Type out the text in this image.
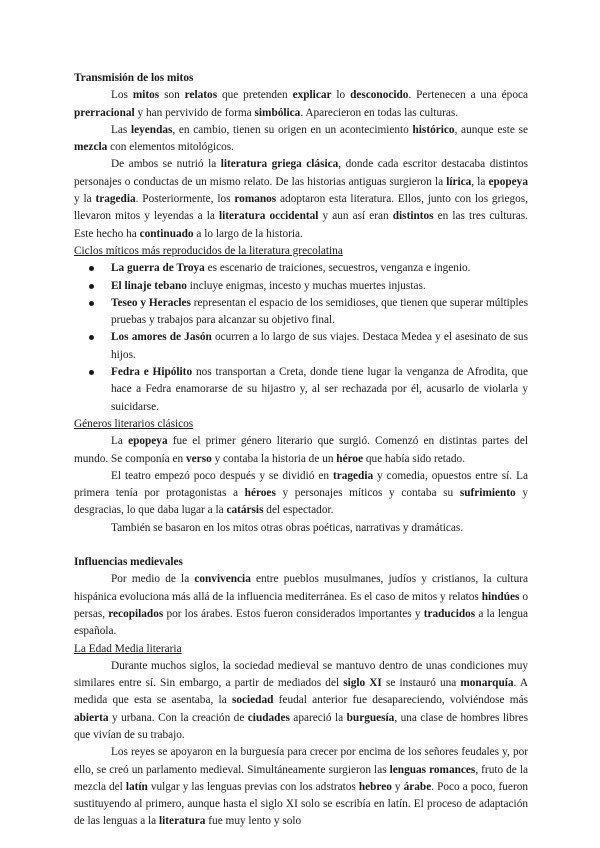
Transmisión de los mitos

Los mitos son relatos que pretenden explicar lo desconocido. Pertenecen a una época prerracional y han pervivido de forma simbólica. Aparecieron en todas las culturas.

Las leyendas, en cambio, tienen su origen en un acontecimiento histórico, aunque este se mezcla con elementos mitológicos.

De ambos se nutrió la literatura griega clásica, donde cada escritor destacaba distintos personajes o conductas de un mismo relato. De las historias antiguas surgieron la lírica, la epopeya y la tragedia. Posteriormente, los romanos adoptaron esta literatura. Ellos, junto con los griegos, llevaron mitos y leyendas a la literatura occidental y aun así eran distintos en las tres culturas. Este hecho ha continuado a lo largo de la historia.

Ciclos míticos más reproducidos de la literatura grecolatina
La guerra de Troya es escenario de traiciones, secuestros, venganza e ingenio.
El linaje tebano incluye enigmas, incesto y muchas muertes injustas.
Teseo y Heracles representan el espacio de los semidioses, que tienen que superar múltiples pruebas y trabajos para alcanzar su objetivo final.
Los amores de Jasón ocurren a lo largo de sus viajes. Destaca Medea y el asesinato de sus hijos.
Fedra e Hipólito nos transportan a Creta, donde tiene lugar la venganza de Afrodita, que hace a Fedra enamorarse de su hijastro y, al ser rechazada por él, acusarlo de violarla y suicidarse.
Géneros literarios clásicos

La epopeya fue el primer género literario que surgió. Comenzó en distintas partes del mundo. Se componía en verso y contaba la historia de un héroe que había sido retado.

El teatro empezó poco después y se dividió en tragedia y comedia, opuestos entre sí. La primera tenía por protagonistas a héroes y personajes míticos y contaba su sufrimiento y desgracias, lo que daba lugar a la catársis del espectador.

También se basaron en los mitos otras obras poéticas, narrativas y dramáticas.

Influencias medievales

Por medio de la convivencia entre pueblos musulmanes, judíos y cristianos, la cultura hispánica evoluciona más allá de la influencia mediterránea. Es el caso de mitos y relatos hindúes o persas, recopilados por los árabes. Estos fueron considerados importantes y traducidos a la lengua española.

La Edad Media literaria

Durante muchos siglos, la sociedad medieval se mantuvo dentro de unas condiciones muy similares entre sí. Sin embargo, a partir de mediados del siglo XI se instauró una monarquía. A medida que esta se asentaba, la sociedad feudal anterior fue desapareciendo, volviéndose más abierta y urbana. Con la creación de ciudades apareció la burguesía, una clase de hombres libres que vivían de su trabajo.

Los reyes se apoyaron en la burguesía para crecer por encima de los señores feudales y, por ello, se creó un parlamento medieval. Simultáneamente surgieron las lenguas romances, fruto de la mezcla del latín vulgar y las lenguas previas con los adstratos hebreo y árabe. Poco a poco, fueron sustituyendo al primero, aunque hasta el siglo XI solo se escribía en latín. El proceso de adaptación de las lenguas a la literatura fue muy lento y solo
